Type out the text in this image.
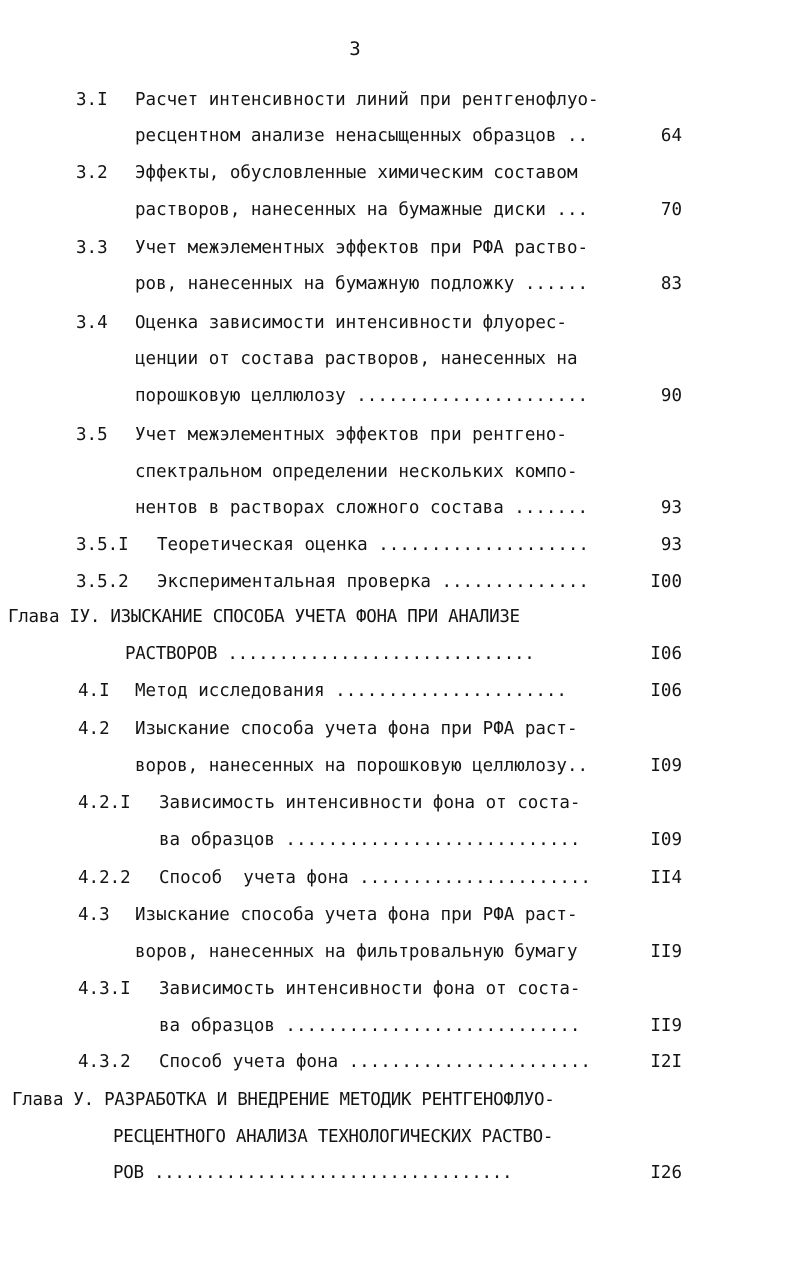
3
3.I Расчет интенсивности линий при рентгенофлуо-
ресцентном анализе ненасыщенных образцов ..	64
3.2 Эффекты, обусловленные химическим составом
растворов, нанесенных на бумажные диски ...	70
3.3 Учет межэлементных эффектов при РФА раство-
ров, нанесенных на бумажную подложку ......	83
3.4 Оценка зависимости интенсивности флуорес-
ценции от состава растворов, нанесенных на
порошковую целлюлозу ......................	90
3.5 Учет межэлементных эффектов при рентгено-
спектральном определении нескольких компо-
нентов в растворах сложного состава .......	93
3.5.I Теоретическая оценка ....................	93
3.5.2 Экспериментальная проверка ..............	I00
Глава IУ. ИЗЫСКАНИЕ СПОСОБА УЧЕТА ФОНА ПРИ АНАЛИЗЕ
РАСТВОРОВ ..............................	I06
4.I Метод исследования ......................	I06
4.2 Изыскание способа учета фона при РФА раст-
воров, нанесенных на порошковую целлюлозу..	I09
4.2.I Зависимость интенсивности фона от соста-
ва образцов ............................	I09
4.2.2 Способ  учета фона ......................	II4
4.3 Изыскание способа учета фона при РФА раст-
воров, нанесенных на фильтровальную бумагу	II9
4.3.I Зависимость интенсивности фона от соста-
ва образцов ............................	II9
4.3.2 Способ учета фона .......................	I2I
Глава У. РАЗРАБОТКА И ВНЕДРЕНИЕ МЕТОДИК РЕНТГЕНОФЛУО-
РЕСЦЕНТНОГО АНАЛИЗА ТЕХНОЛОГИЧЕСКИХ РАСТВО-
РОВ ...................................	I26
